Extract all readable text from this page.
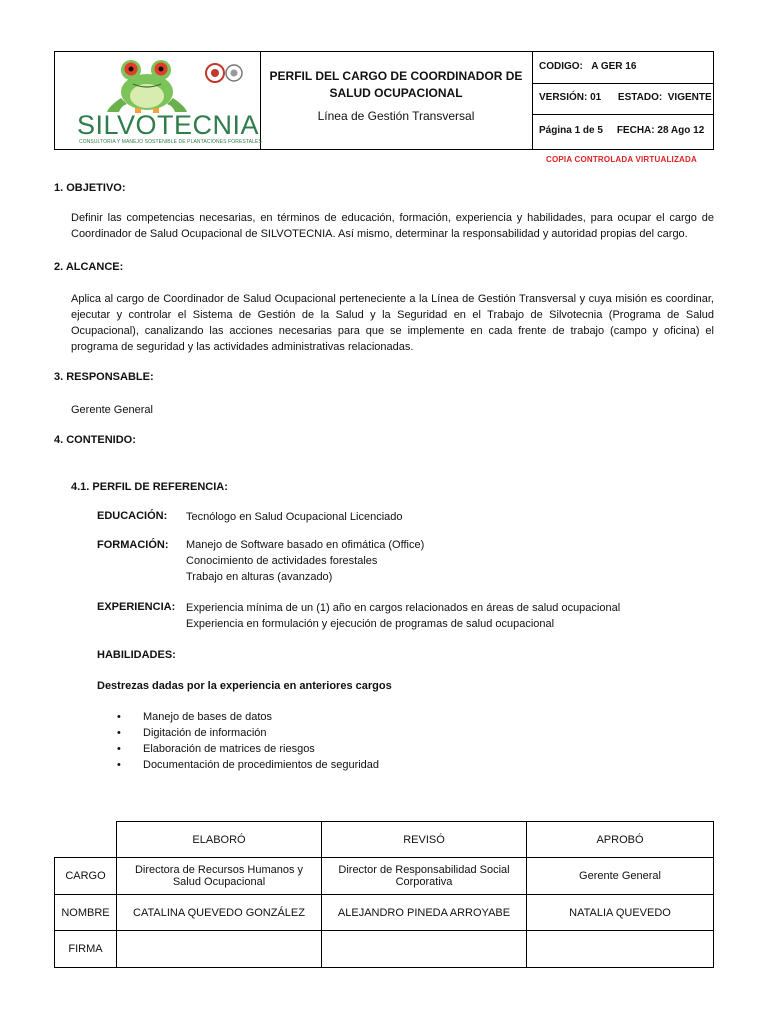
SILVOTECNIA
CONSULTORIA Y MANEJO SOSTENIBLE DE PLANTACIONES FORESTALES
PERFIL DEL CARGO DE COORDINADOR DE
SALUD OCUPACIONAL
Línea de Gestión Transversal
CODIGO: A GER 16
VERSIÓN: 01 ESTADO: VIGENTE
Página 1 de 5 FECHA: 28 Ago 12
COPIA CONTROLADA VIRTUALIZADA
1. OBJETIVO:

Definir las competencias necesarias, en términos de educación, formación, experiencia y habilidades, para ocupar el cargo de Coordinador de Salud Ocupacional de SILVOTECNIA. Así mismo, determinar la responsabilidad y autoridad propias del cargo.

2. ALCANCE:

Aplica al cargo de Coordinador de Salud Ocupacional perteneciente a la Línea de Gestión Transversal y cuya misión es coordinar, ejecutar y controlar el Sistema de Gestión de la Salud y la Seguridad en el Trabajo de Silvotecnia (Programa de Salud Ocupacional), canalizando las acciones necesarias para que se implemente en cada frente de trabajo (campo y oficina) el programa de seguridad y las actividades administrativas relacionadas.

3. RESPONSABLE:
Gerente General
4. CONTENIDO:
4.1. PERFIL DE REFERENCIA:
EDUCACIÓN: Tecnólogo en Salud Ocupacional Licenciado
FORMACIÓN: Manejo de Software basado en ofimática (Office)
Conocimiento de actividades forestales
Trabajo en alturas (avanzado)
EXPERIENCIA: Experiencia mínima de un (1) año en cargos relacionados en áreas de salud ocupacional
Experiencia en formulación y ejecución de programas de salud ocupacional
HABILIDADES:
Destrezas dadas por la experiencia en anteriores cargos
• Manejo de bases de datos
• Digitación de información
• Elaboración de matrices de riesgos
• Documentación de procedimientos de seguridad
	ELABORÓ	REVISÓ	APROBÓ
CARGO	Directora de Recursos Humanos y Salud Ocupacional	Director de Responsabilidad Social Corporativa	Gerente General
NOMBRE	CATALINA QUEVEDO GONZÁLEZ	ALEJANDRO PINEDA ARROYABE	NATALIA QUEVEDO
FIRMA			
